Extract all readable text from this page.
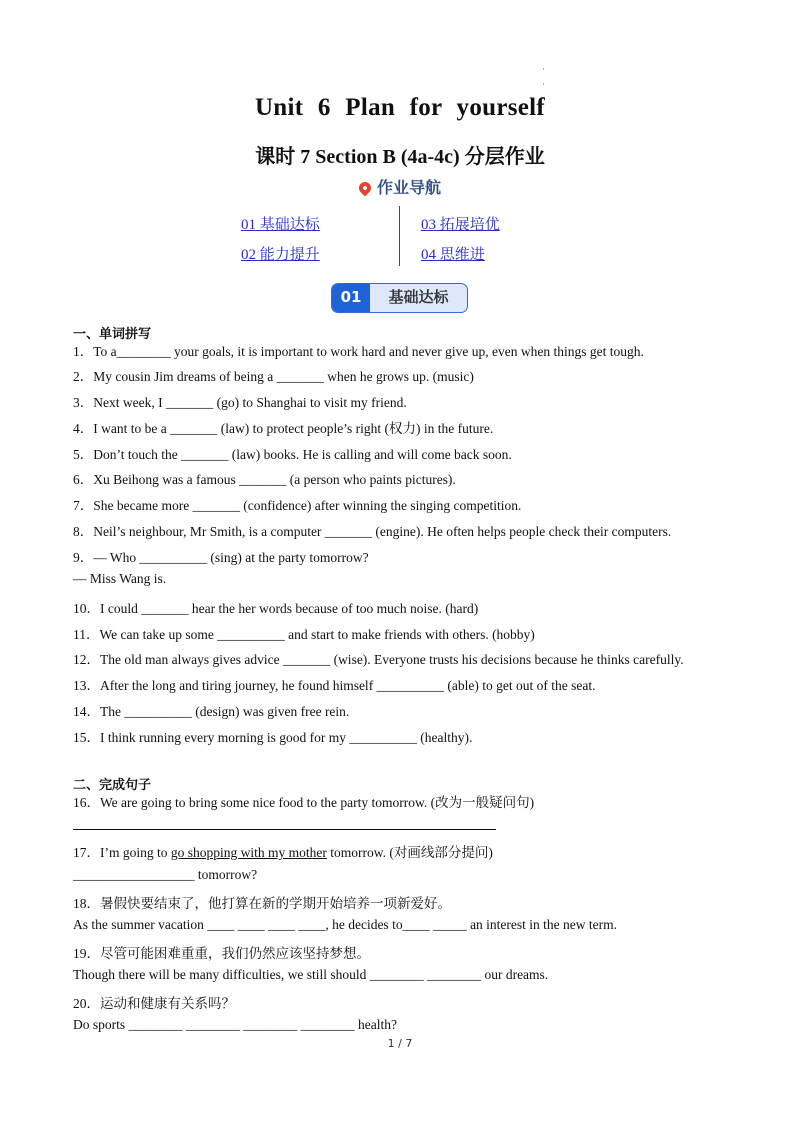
·
·
Unit 6 Plan for yourself
课时 7 Section B (4a-4c) 分层作业
作业导航
01 基础达标
02 能力提升
03 拓展培优
04 思维进
01	基础达标
一、单词拼写
1．To a________ your goals, it is important to work hard and never give up, even when things get tough.
2．My cousin Jim dreams of being a _______ when he grows up. (music)
3．Next week, I _______ (go) to Shanghai to visit my friend.
4．I want to be a _______ (law) to protect people’s right (权力) in the future.
5．Don’t touch the _______ (law) books. He is calling and will come back soon.
6．Xu Beihong was a famous _______ (a person who paints pictures).
7．She became more _______ (confidence) after winning the singing competition.
8．Neil’s neighbour, Mr Smith, is a computer _______ (engine). He often helps people check their computers.
9．— Who __________ (sing) at the party tomorrow?
— Miss Wang is.
10．I could _______ hear the her words because of too much noise. (hard)
11．We can take up some __________ and start to make friends with others. (hobby)
12．The old man always gives advice _______ (wise). Everyone trusts his decisions because he thinks carefully.
13．After the long and tiring journey, he found himself __________ (able) to get out of the seat.
14．The __________ (design) was given free rein.
15．I think running every morning is good for my __________ (healthy).
二、完成句子
16．We are going to bring some nice food to the party tomorrow. (改为一般疑问句)
17．I’m going to go shopping with my mother tomorrow. (对画线部分提问)
__________________ tomorrow?
18．暑假快要结束了，他打算在新的学期开始培养一项新爱好。
As the summer vacation ____ ____ ____ ____, he decides to____ _____ an interest in the new term.
19．尽管可能困难重重，我们仍然应该坚持梦想。
Though there will be many difficulties, we still should ________ ________ our dreams.
20．运动和健康有关系吗？
Do sports ________ ________ ________ ________ health?
1 / 7
